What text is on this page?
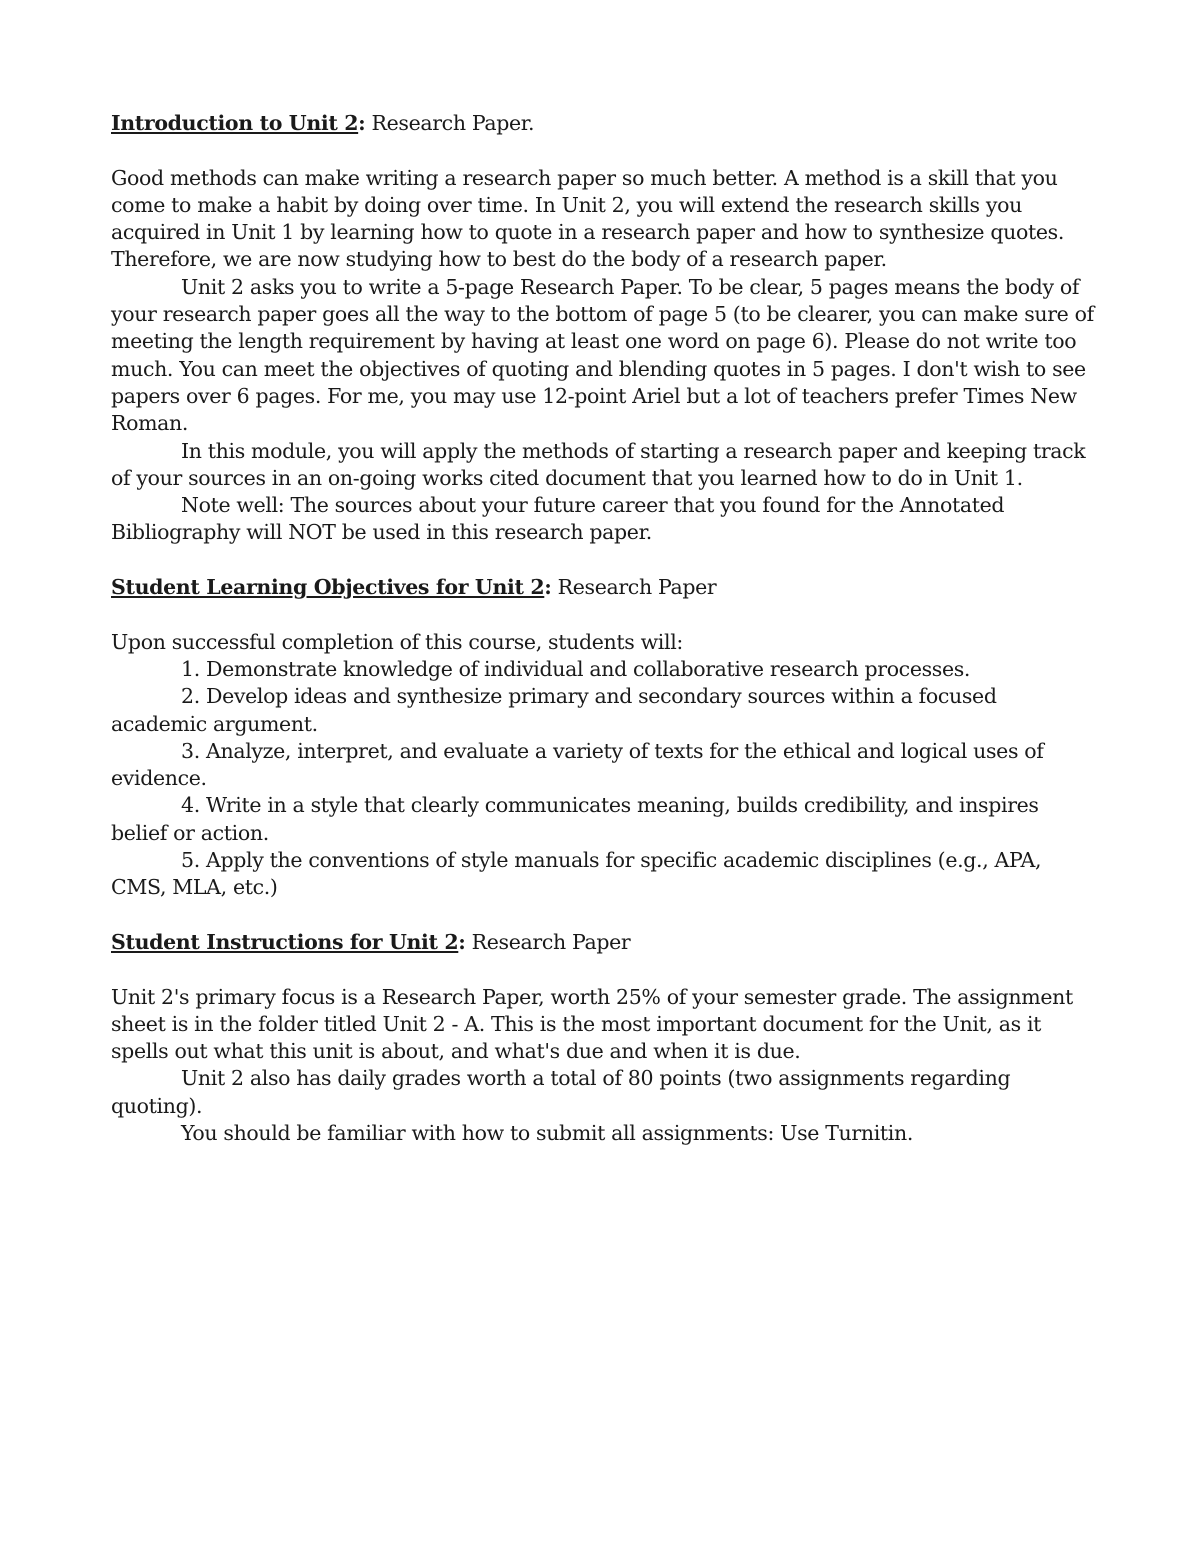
Introduction to Unit 2: Research Paper.

Good methods can make writing a research paper so much better. A method is a skill that you come to make a habit by doing over time. In Unit 2, you will extend the research skills you acquired in Unit 1 by learning how to quote in a research paper and how to synthesize quotes. Therefore, we are now studying how to best do the body of a research paper.

Unit 2 asks you to write a 5-page Research Paper. To be clear, 5 pages means the body of your research paper goes all the way to the bottom of page 5 (to be clearer, you can make sure of meeting the length requirement by having at least one word on page 6). Please do not write too much. You can meet the objectives of quoting and blending quotes in 5 pages. I don't wish to see papers over 6 pages. For me, you may use 12-point Ariel but a lot of teachers prefer Times New Roman.

In this module, you will apply the methods of starting a research paper and keeping track of your sources in an on-going works cited document that you learned how to do in Unit 1.

Note well: The sources about your future career that you found for the Annotated Bibliography will NOT be used in this research paper.

Student Learning Objectives for Unit 2: Research Paper

Upon successful completion of this course, students will:

1. Demonstrate knowledge of individual and collaborative research processes.

2. Develop ideas and synthesize primary and secondary sources within a focused academic argument.

3. Analyze, interpret, and evaluate a variety of texts for the ethical and logical uses of evidence.

4. Write in a style that clearly communicates meaning, builds credibility, and inspires belief or action.

5. Apply the conventions of style manuals for specific academic disciplines (e.g., APA, CMS, MLA, etc.)

Student Instructions for Unit 2: Research Paper

Unit 2's primary focus is a Research Paper, worth 25% of your semester grade. The assignment sheet is in the folder titled Unit 2 - A. This is the most important document for the Unit, as it spells out what this unit is about, and what's due and when it is due.

Unit 2 also has daily grades worth a total of 80 points (two assignments regarding quoting).

You should be familiar with how to submit all assignments: Use Turnitin.
